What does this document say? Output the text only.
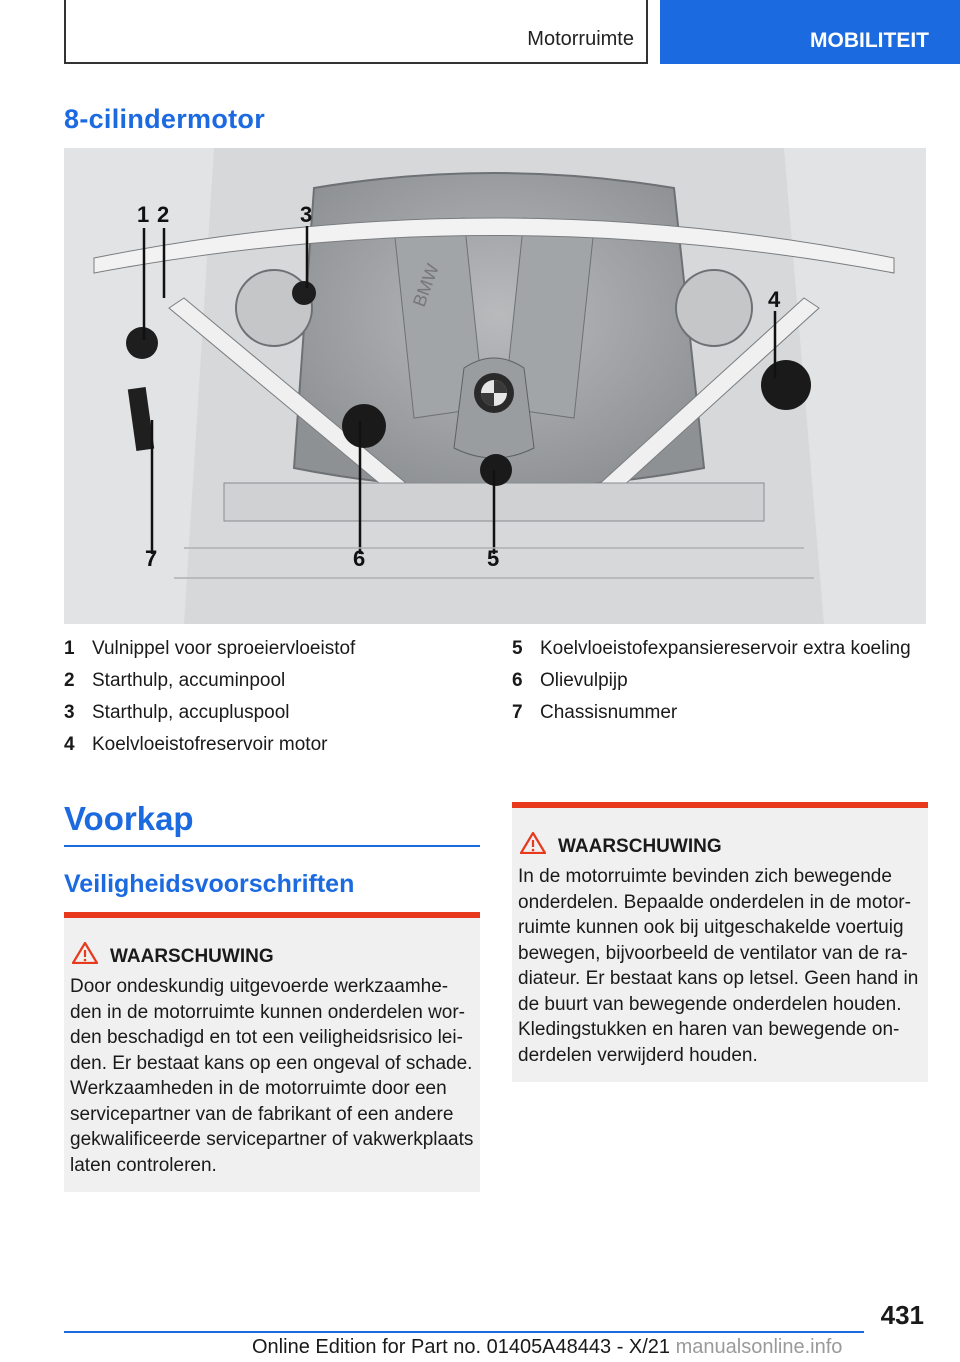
Motorruimte	MOBILITEIT
8-cilindermotor
BMW
1 2	3
4
5
6
7
1 Vulnippel voor sproeiervloeistof
2 Starthulp, accuminpool
3 Starthulp, accupluspool
4 Koelvloeistofreservoir motor
5 Koelvloeistofexpansiereservoir extra koeling
6 Olievulpijp
7 Chassisnummer
Voorkap
Veiligheidsvoorschriften
WAARSCHUWING
Door ondeskundig uitgevoerde werkzaamhe-
den in de motorruimte kunnen onderdelen wor-
den beschadigd en tot een veiligheidsrisico lei-
den. Er bestaat kans op een ongeval of schade.
Werkzaamheden in de motorruimte door een
servicepartner van de fabrikant of een andere
gekwalificeerde servicepartner of vakwerkplaats
laten controleren.
WAARSCHUWING
In de motorruimte bevinden zich bewegende
onderdelen. Bepaalde onderdelen in de motor-
ruimte kunnen ook bij uitgeschakelde voertuig
bewegen, bijvoorbeeld de ventilator van de ra-
diateur. Er bestaat kans op letsel. Geen hand in
de buurt van bewegende onderdelen houden.
Kledingstukken en haren van bewegende on-
derdelen verwijderd houden.
431
Online Edition for Part no. 01405A48443 - X/21 manualsonline.info
